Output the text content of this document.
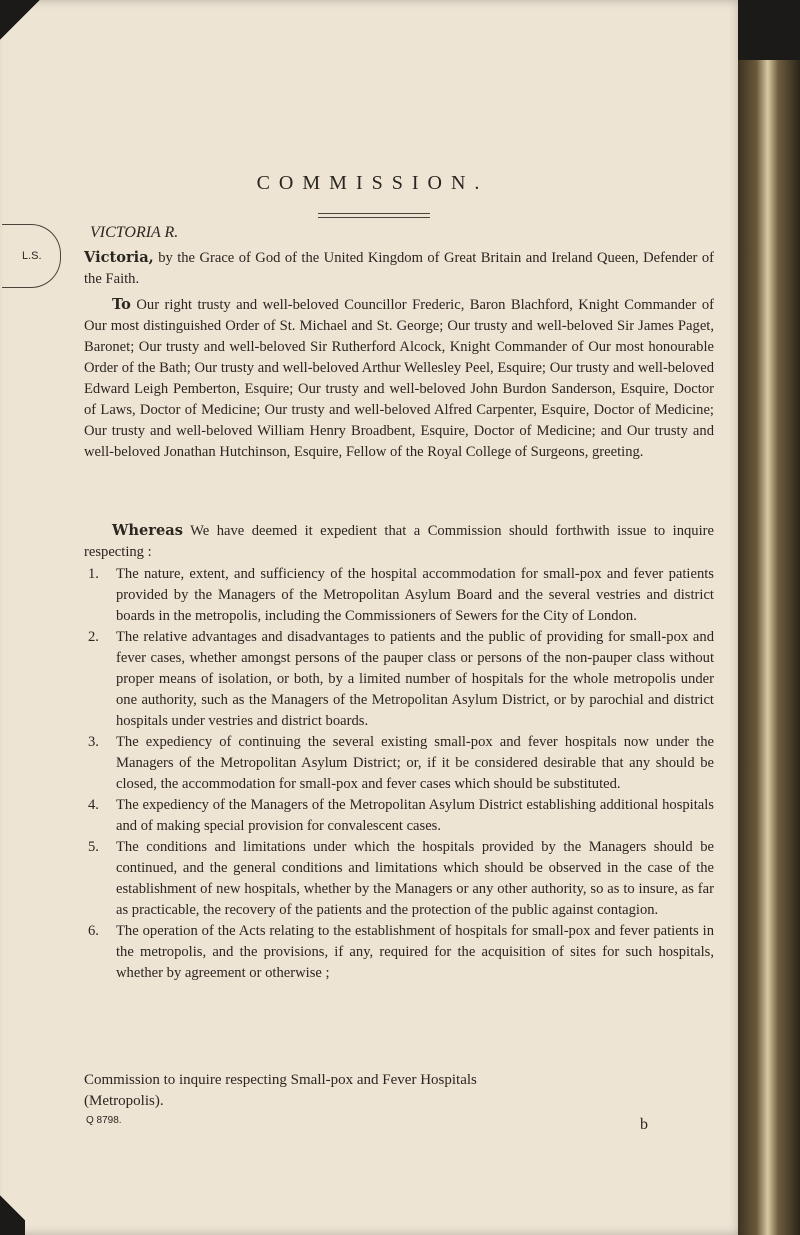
COMMISSION.
L.S.
VICTORIA R.
Victoria, by the Grace of God of the United Kingdom of Great Britain and Ireland Queen, Defender of the Faith.
To Our right trusty and well-beloved Councillor Frederic, Baron Blachford, Knight Commander of Our most distinguished Order of St. Michael and St. George; Our trusty and well-beloved Sir James Paget, Baronet; Our trusty and well-beloved Sir Rutherford Alcock, Knight Commander of Our most honourable Order of the Bath; Our trusty and well-beloved Arthur Wellesley Peel, Esquire; Our trusty and well-beloved Edward Leigh Pemberton, Esquire; Our trusty and well-beloved John Burdon Sanderson, Esquire, Doctor of Laws, Doctor of Medicine; Our trusty and well-beloved Alfred Carpenter, Esquire, Doctor of Medicine; Our trusty and well-beloved William Henry Broadbent, Esquire, Doctor of Medicine; and Our trusty and well-beloved Jonathan Hutchinson, Esquire, Fellow of the Royal College of Surgeons, greeting.
Whereas We have deemed it expedient that a Commission should forthwith issue to inquire respecting :
1.	The nature, extent, and sufficiency of the hospital accommodation for small-pox and fever patients provided by the Managers of the Metropolitan Asylum Board and the several vestries and district boards in the metropolis, including the Commissioners of Sewers for the City of London.
2.	The relative advantages and disadvantages to patients and the public of providing for small-pox and fever cases, whether amongst persons of the pauper class or persons of the non-pauper class without proper means of isolation, or both, by a limited number of hospitals for the whole metropolis under one authority, such as the Managers of the Metropolitan Asylum District, or by parochial and district hospitals under vestries and district boards.
3.	The expediency of continuing the several existing small-pox and fever hospitals now under the Managers of the Metropolitan Asylum District; or, if it be considered desirable that any should be closed, the accommodation for small-pox and fever cases which should be substituted.
4.	The expediency of the Managers of the Metropolitan Asylum District establishing additional hospitals and of making special provision for convalescent cases.
5.	The conditions and limitations under which the hospitals provided by the Managers should be continued, and the general conditions and limitations which should be observed in the case of the establishment of new hospitals, whether by the Managers or any other authority, so as to insure, as far as practicable, the recovery of the patients and the protection of the public against contagion.
6.	The operation of the Acts relating to the establishment of hospitals for small-pox and fever patients in the metropolis, and the provisions, if any, required for the acquisition of sites for such hospitals, whether by agreement or otherwise ;
Commission to inquire respecting Small-pox and Fever Hospitals (Metropolis).
Q 8798.	b
